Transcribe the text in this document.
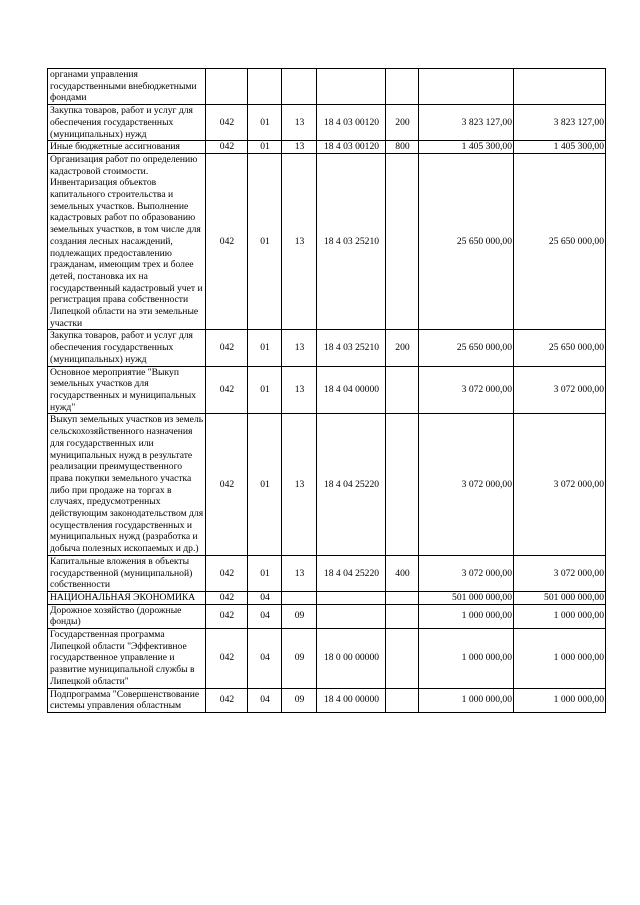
органами управления государственными внебюджетными фондами							
Закупка товаров, работ и услуг для обеспечения государственных (муниципальных) нужд	042	01	13	18 4 03 00120	200	3 823 127,00	3 823 127,00
Иные бюджетные ассигнования	042	01	13	18 4 03 00120	800	1 405 300,00	1 405 300,00
Организация работ по определению кадастровой стоимости. Инвентаризация объектов капитального строительства и земельных участков. Выполнение кадастровых работ по образованию земельных участков, в том числе для создания лесных насаждений, подлежащих предоставлению гражданам, имеющим трех и более детей, постановка их на государственный кадастровый учет и регистрация права собственности Липецкой области на эти земельные участки	042	01	13	18 4 03 25210		25 650 000,00	25 650 000,00
Закупка товаров, работ и услуг для обеспечения государственных (муниципальных) нужд	042	01	13	18 4 03 25210	200	25 650 000,00	25 650 000,00
Основное мероприятие "Выкуп земельных участков для государственных и муниципальных нужд"	042	01	13	18 4 04 00000		3 072 000,00	3 072 000,00
Выкуп земельных участков из земель сельскохозяйственного назначения для государственных или муниципальных нужд в результате реализации преимущественного права покупки земельного участка либо при продаже на торгах в случаях, предусмотренных действующим законодательством для осуществления государственных и муниципальных нужд (разработка и добыча полезных ископаемых и др.)	042	01	13	18 4 04 25220		3 072 000,00	3 072 000,00
Капитальные вложения в объекты государственной (муниципальной) собственности	042	01	13	18 4 04 25220	400	3 072 000,00	3 072 000,00
НАЦИОНАЛЬНАЯ ЭКОНОМИКА	042	04				501 000 000,00	501 000 000,00
Дорожное хозяйство (дорожные фонды)	042	04	09			1 000 000,00	1 000 000,00
Государственная программа Липецкой области "Эффективное государственное управление и развитие муниципальной службы в Липецкой области"	042	04	09	18 0 00 00000		1 000 000,00	1 000 000,00
Подпрограмма "Совершенствование системы управления областным	042	04	09	18 4 00 00000		1 000 000,00	1 000 000,00
